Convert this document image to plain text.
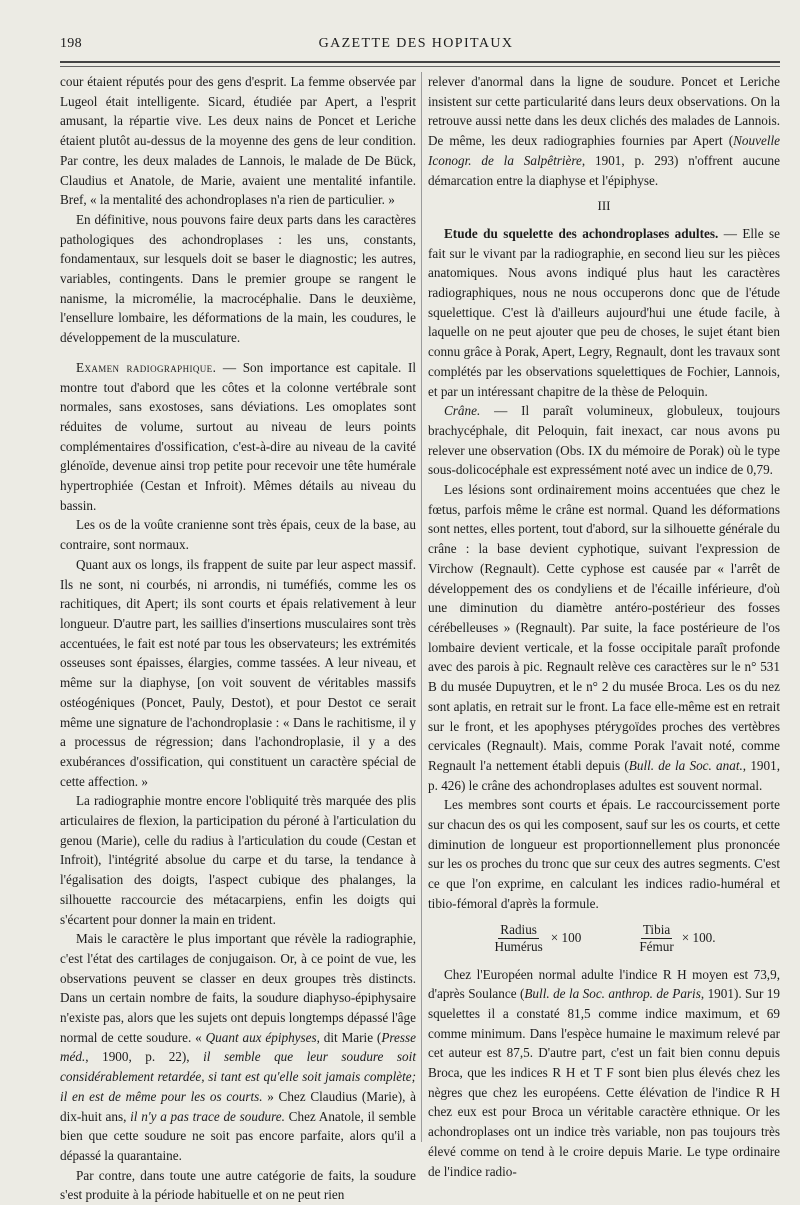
198	GAZETTE DES HOPITAUX

cour étaient réputés pour des gens d'esprit. La femme observée par Lugeol était intelligente. Sicard, étudiée par Apert, a l'esprit amusant, la répartie vive. Les deux nains de Poncet et Leriche étaient plutôt au-dessus de la moyenne des gens de leur condition. Par contre, les deux malades de Lannois, le malade de De Bück, Claudius et Anatole, de Marie, avaient une mentalité infantile. Bref, « la mentalité des achondroplases n'a rien de particulier. »

En définitive, nous pouvons faire deux parts dans les caractères pathologiques des achondroplases : les uns, constants, fondamentaux, sur lesquels doit se baser le diagnostic; les autres, variables, contingents. Dans le premier groupe se rangent le nanisme, la micromélie, la macrocéphalie. Dans le deuxième, l'ensellure lombaire, les déformations de la main, les coudures, le développement de la musculature.

Examen radiographique. — Son importance est capitale. Il montre tout d'abord que les côtes et la colonne vertébrale sont normales, sans exostoses, sans déviations. Les omoplates sont réduites de volume, surtout au niveau de leurs points complémentaires d'ossification, c'est-à-dire au niveau de la cavité glénoïde, devenue ainsi trop petite pour recevoir une tête humérale hypertrophiée (Cestan et Infroit). Mêmes détails au niveau du bassin.

Les os de la voûte cranienne sont très épais, ceux de la base, au contraire, sont normaux.

Quant aux os longs, ils frappent de suite par leur aspect massif. Ils ne sont, ni courbés, ni arrondis, ni tuméfiés, comme les os rachitiques, dit Apert; ils sont courts et épais relativement à leur longueur. D'autre part, les saillies d'insertions musculaires sont très accentuées, le fait est noté par tous les observateurs; les extrémités osseuses sont épaisses, élargies, comme tassées. A leur niveau, et même sur la diaphyse, [on voit souvent de véritables massifs ostéogéniques (Poncet, Pauly, Destot), et pour Destot ce serait même une signature de l'achondroplasie : « Dans le rachitisme, il y a processus de régression; dans l'achondroplasie, il y a des exubérances d'ossification, qui constituent un caractère spécial de cette affection. »

La radiographie montre encore l'obliquité très marquée des plis articulaires de flexion, la participation du péroné à l'articulation du genou (Marie), celle du radius à l'articulation du coude (Cestan et Infroit), l'intégrité absolue du carpe et du tarse, la tendance à l'égalisation des doigts, l'aspect cubique des phalanges, la silhouette raccourcie des métacarpiens, enfin les doigts qui s'écartent pour donner la main en trident.

Mais le caractère le plus important que révèle la radiographie, c'est l'état des cartilages de conjugaison. Or, à ce point de vue, les observations peuvent se classer en deux groupes très distincts. Dans un certain nombre de faits, la soudure diaphyso-épiphysaire n'existe pas, alors que les sujets ont depuis longtemps dépassé l'âge normal de cette soudure. « Quant aux épiphyses, dit Marie (Presse méd., 1900, p. 22), il semble que leur soudure soit considérablement retardée, si tant est qu'elle soit jamais complète; il en est de même pour les os courts. » Chez Claudius (Marie), à dix-huit ans, il n'y a pas trace de soudure. Chez Anatole, il semble bien que cette soudure ne soit pas encore parfaite, alors qu'il a dépassé la quarantaine.

Par contre, dans toute une autre catégorie de faits, la soudure s'est produite à la période habituelle et on ne peut rien

relever d'anormal dans la ligne de soudure. Poncet et Leriche insistent sur cette particularité dans leurs deux observations. On la retrouve aussi nette dans les deux clichés des malades de Lannois. De même, les deux radiographies fournies par Apert (Nouvelle Iconogr. de la Salpêtrière, 1901, p. 293) n'offrent aucune démarcation entre la diaphyse et l'épiphyse.

III

Etude du squelette des achondroplases adultes. — Elle se fait sur le vivant par la radiographie, en second lieu sur les pièces anatomiques. Nous avons indiqué plus haut les caractères radiographiques, nous ne nous occuperons donc que de l'étude squelettique. C'est là d'ailleurs aujourd'hui une étude facile, à laquelle on ne peut ajouter que peu de choses, le sujet étant bien connu grâce à Porak, Apert, Legry, Regnault, dont les travaux sont complétés par les observations squelettiques de Fochier, Lannois, et par un intéressant chapitre de la thèse de Peloquin.

Crâne. — Il paraît volumineux, globuleux, toujours brachycéphale, dit Peloquin, fait inexact, car nous avons pu relever une observation (Obs. IX du mémoire de Porak) où le type sous-dolicocéphale est expressément noté avec un indice de 0,79.

Les lésions sont ordinairement moins accentuées que chez le fœtus, parfois même le crâne est normal. Quand les déformations sont nettes, elles portent, tout d'abord, sur la silhouette générale du crâne : la base devient cyphotique, suivant l'expression de Virchow (Regnault). Cette cyphose est causée par « l'arrêt de développement des os condyliens et de l'écaille inférieure, d'où une diminution du diamètre antéro-postérieur des fosses cérébelleuses » (Regnault). Par suite, la face postérieure de l'os lombaire devient verticale, et la fosse occipitale paraît profonde avec des parois à pic. Regnault relève ces caractères sur le n° 531 B du musée Dupuytren, et le n° 2 du musée Broca. Les os du nez sont aplatis, en retrait sur le front. La face elle-même est en retrait sur le front, et les apophyses ptérygoïdes proches des vertèbres cervicales (Regnault). Mais, comme Porak l'avait noté, comme Regnault l'a nettement établi depuis (Bull. de la Soc. anat., 1901, p. 426) le crâne des achondroplases adultes est souvent normal.

Les membres sont courts et épais. Le raccourcissement porte sur chacun des os qui les composent, sauf sur les os courts, et cette diminution de longueur est proportionnellement plus prononcée sur les os proches du tronc que sur ceux des autres segments. C'est ce que l'on exprime, en calculant les indices radio-huméral et tibio-fémoral d'après la formule.

$\frac{\text{Radius}}{\text{Humérus}} \times 100$	$\frac{\text{Tibia}}{\text{Fémur}} \times 100$.

Chez l'Européen normal adulte l'indice R H moyen est 73,9, d'après Soulance (Bull. de la Soc. anthrop. de Paris, 1901). Sur 19 squelettes il a constaté 81,5 comme indice maximum, et 69 comme minimum. Dans l'espèce humaine le maximum relevé par cet auteur est 87,5. D'autre part, c'est un fait bien connu depuis Broca, que les indices R H et T F sont bien plus élevés chez les nègres que chez les européens. Cette élévation de l'indice R H chez eux est pour Broca un véritable caractère ethnique. Or les achondroplases ont un indice très variable, non pas toujours très élevé comme on tend à le croire depuis Marie. Le type ordinaire de l'indice radio-
